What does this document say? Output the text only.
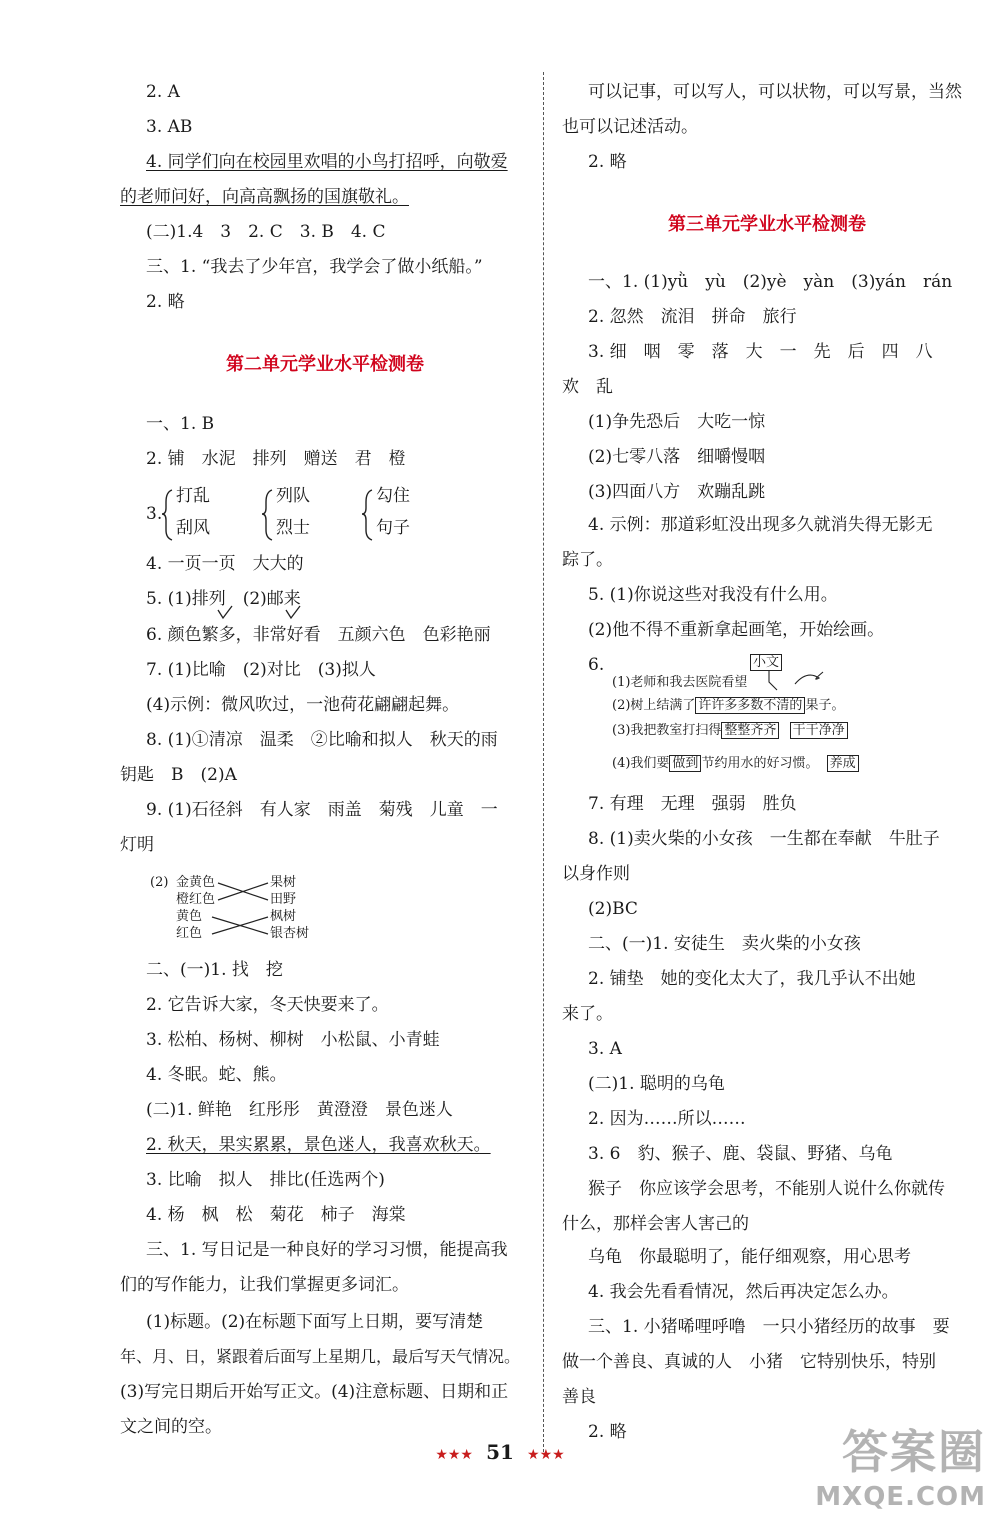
2. A
3. AB
4. 同学们向在校园里欢唱的小鸟打招呼，向敬爱
的老师问好，向高高飘扬的国旗敬礼。
(二)1.4　3　2. C　3. B　4. C
三、1. “我去了少年宫，我学会了做小纸船。”
2. 略
第二单元学业水平检测卷
一、1. B
2. 铺　水泥　排列　赠送　君　橙
3.
打乱
刮风
列队
烈士
勾住
句子
4. 一页一页　大大的
5. (1)排列　(2)邮来
6. 颜色繁多，非常好看　五颜六色　色彩艳丽
7. (1)比喻　(2)对比　(3)拟人
(4)示例：微风吹过，一池荷花翩翩起舞。
8. (1)①清凉　温柔　②比喻和拟人　秋天的雨
钥匙　B　(2)A
9. (1)石径斜　有人家　雨盖　菊残　儿童　一
灯明
(2) 金黄色
橙红色
黄色
红色
果树
田野
枫树
银杏树
二、(一)1. 找　挖
2. 它告诉大家，冬天快要来了。
3. 松柏、杨树、柳树　小松鼠、小青蛙
4. 冬眠。蛇、熊。
(二)1. 鲜艳　红彤彤　黄澄澄　景色迷人
2. 秋天，果实累累，景色迷人，我喜欢秋天。
3. 比喻　拟人　排比(任选两个)
4. 杨　枫　松　菊花　柿子　海棠
三、1. 写日记是一种良好的学习习惯，能提高我
们的写作能力，让我们掌握更多词汇。
(1)标题。(2)在标题下面写上日期，要写清楚
年、月、日，紧跟着后面写上星期几，最后写天气情况。
(3)写完日期后开始写正文。(4)注意标题、日期和正
文之间的空。
可以记事，可以写人，可以状物，可以写景，当然
也可以记述活动。
2. 略
第三单元学业水平检测卷
一、1. (1)yǜ　yù　(2)yè　yàn　(3)yán　rán
2. 忽然　流泪　拼命　旅行
3. 细　咽　零　落　大　一　先　后　四　八
欢　乱
(1)争先恐后　大吃一惊
(2)七零八落　细嚼慢咽
(3)四面八方　欢蹦乱跳
4. 示例：那道彩虹没出现多久就消失得无影无
踪了。
5. (1)你说这些对我没有什么用。
(2)他不得不重新拿起画笔，开始绘画。
6.	小文
(1)老师和我去医院看望
(2)树上结满了 许许多多数不清的 果子。
(3)我把教室打扫得 整整齐齐 干干净净
(4)我们要 做到 节约用水的好习惯。 养成
7. 有理　无理　强弱　胜负
8. (1)卖火柴的小女孩　一生都在奉献　牛肚子
以身作则
(2)BC
二、(一)1. 安徒生　卖火柴的小女孩
2. 铺垫　她的变化太大了，我几乎认不出她
来了。
3. A
(二)1. 聪明的乌龟
2. 因为……所以……
3. 6　豹、猴子、鹿、袋鼠、野猪、乌龟
猴子　你应该学会思考，不能别人说什么你就传
什么，那样会害人害己的
乌龟　你最聪明了，能仔细观察，用心思考
4. 我会先看看情况，然后再决定怎么办。
三、1. 小猪唏哩呼噜　一只小猪经历的故事　要
做一个善良、真诚的人　小猪　它特别快乐，特别
善良
2. 略
★★★ 51 ★★★	答案圈
MXQE.COM
